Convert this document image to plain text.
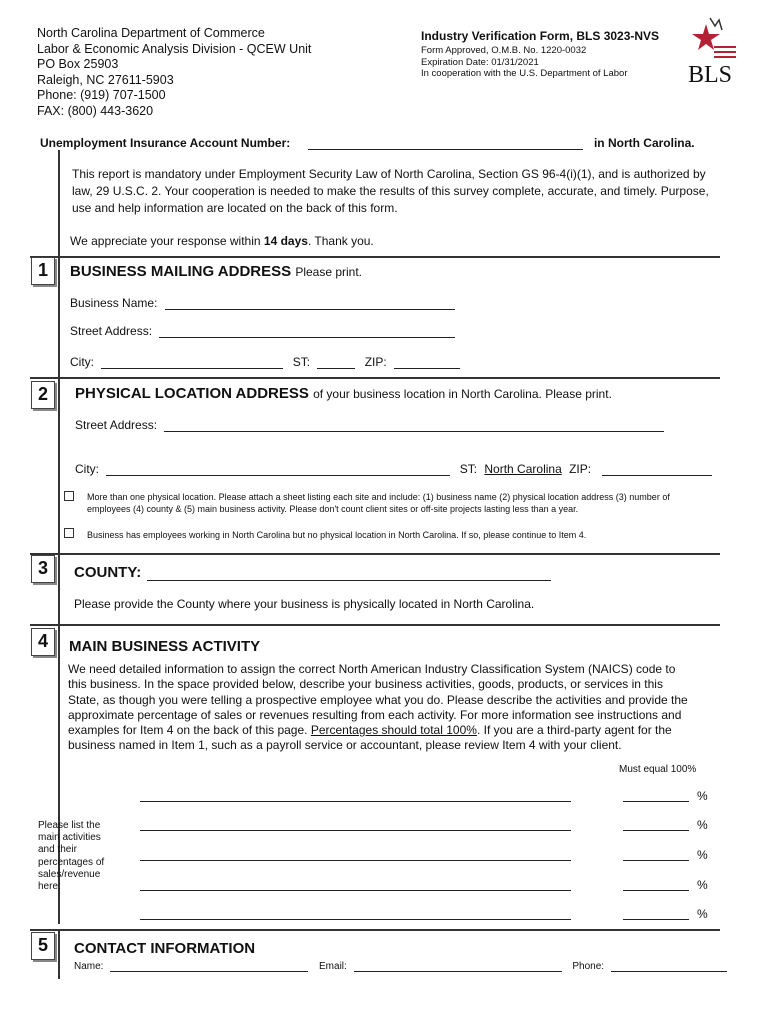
North Carolina Department of Commerce
Labor & Economic Analysis Division - QCEW Unit
PO Box 25903
Raleigh, NC 27611-5903
Phone: (919) 707-1500
FAX: (800) 443-3620
Industry Verification Form, BLS 3023-NVS
Form Approved, O.M.B. No. 1220-0032
Expiration Date: 01/31/2021
In cooperation with the U.S. Department of Labor	BLS
Unemployment Insurance Account Number:	in North Carolina.
This report is mandatory under Employment Security Law of North Carolina, Section GS 96-4(i)(1), and is authorized by law, 29 U.S.C. 2. Your cooperation is needed to make the results of this survey complete, accurate, and timely. Purpose, use and help information are located on the back of this form.
We appreciate your response within 14 days. Thank you.
1	BUSINESS MAILING ADDRESS Please print.
Business Name:
Street Address:
City:	ST:	ZIP:
2	PHYSICAL LOCATION ADDRESS of your business location in North Carolina. Please print.
Street Address:
City:	ST: North Carolina ZIP:
More than one physical location. Please attach a sheet listing each site and include: (1) business name (2) physical location address (3) number of employees (4) county & (5) main business activity. Please don't count client sites or off-site projects lasting less than a year.
Business has employees working in North Carolina but no physical location in North Carolina. If so, please continue to Item 4.
3	COUNTY:
Please provide the County where your business is physically located in North Carolina.
4	MAIN BUSINESS ACTIVITY
We need detailed information to assign the correct North American Industry Classification System (NAICS) code to this business. In the space provided below, describe your business activities, goods, products, or services in this State, as though you were telling a prospective employee what you do. Please describe the activities and provide the approximate percentage of sales or revenues resulting from each activity. For more information see instructions and examples for Item 4 on the back of this page. Percentages should total 100%. If you are a third-party agent for the business named in Item 1, such as a payroll service or accountant, please review Item 4 with your client.
Must equal 100%
Please list the main activities and their percentages of sales/revenue here:
%
%
%
%
%
5	CONTACT INFORMATION
Name:	Email:	Phone:
